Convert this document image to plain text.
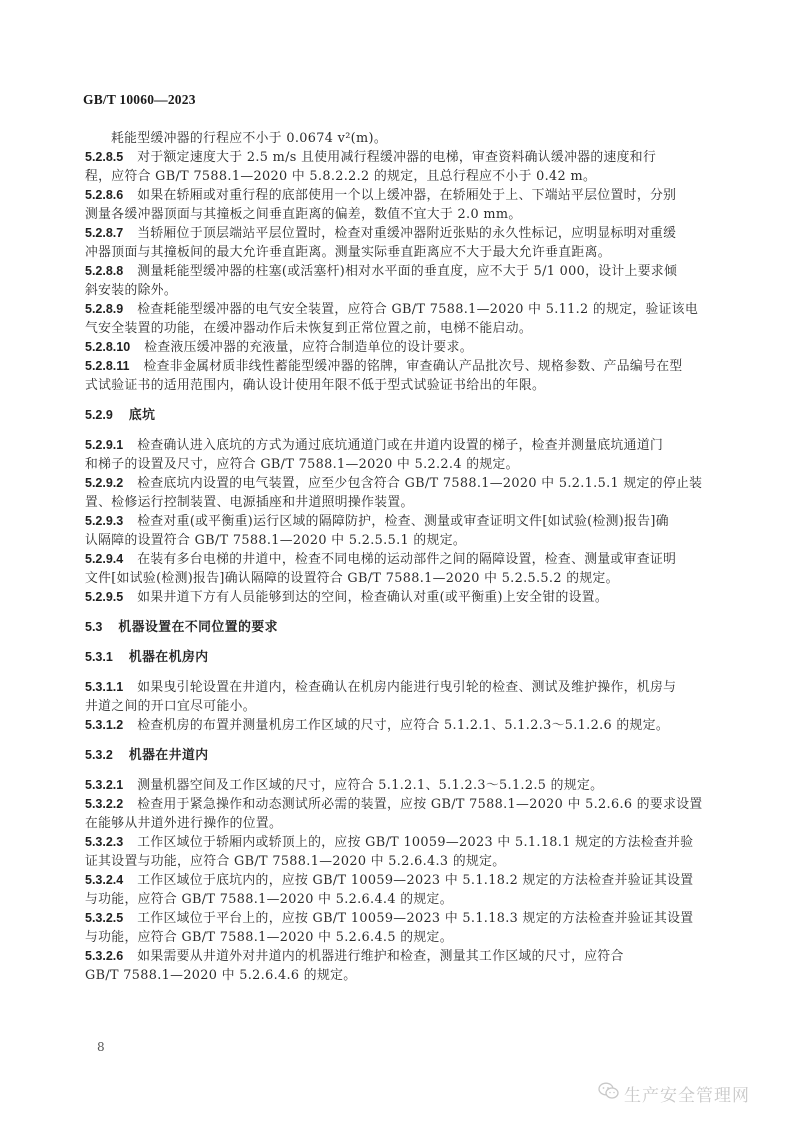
GB/T 10060—2023
耗能型缓冲器的行程应不小于 0.0674 v²(m)。
5.2.8.5 对于额定速度大于 2.5 m/s 且使用减行程缓冲器的电梯，审查资料确认缓冲器的速度和行
程，应符合 GB/T 7588.1—2020 中 5.8.2.2.2 的规定，且总行程应不小于 0.42 m。
5.2.8.6 如果在轿厢或对重行程的底部使用一个以上缓冲器，在轿厢处于上、下端站平层位置时，分别
测量各缓冲器顶面与其撞板之间垂直距离的偏差，数值不宜大于 2.0 mm。
5.2.8.7 当轿厢位于顶层端站平层位置时，检查对重缓冲器附近张贴的永久性标记，应明显标明对重缓
冲器顶面与其撞板间的最大允许垂直距离。测量实际垂直距离应不大于最大允许垂直距离。
5.2.8.8 测量耗能型缓冲器的柱塞(或活塞杆)相对水平面的垂直度，应不大于 5/1 000，设计上要求倾
斜安装的除外。
5.2.8.9 检查耗能型缓冲器的电气安全装置，应符合 GB/T 7588.1—2020 中 5.11.2 的规定，验证该电
气安全装置的功能，在缓冲器动作后未恢复到正常位置之前，电梯不能启动。
5.2.8.10 检查液压缓冲器的充液量，应符合制造单位的设计要求。
5.2.8.11 检查非金属材质非线性蓄能型缓冲器的铭牌，审查确认产品批次号、规格参数、产品编号在型
式试验证书的适用范围内，确认设计使用年限不低于型式试验证书给出的年限。
5.2.9 底坑
5.2.9.1 检查确认进入底坑的方式为通过底坑通道门或在井道内设置的梯子，检查并测量底坑通道门
和梯子的设置及尺寸，应符合 GB/T 7588.1—2020 中 5.2.2.4 的规定。
5.2.9.2 检查底坑内设置的电气装置，应至少包含符合 GB/T 7588.1—2020 中 5.2.1.5.1 规定的停止装
置、检修运行控制装置、电源插座和井道照明操作装置。
5.2.9.3 检查对重(或平衡重)运行区域的隔障防护，检查、测量或审查证明文件[如试验(检测)报告]确
认隔障的设置符合 GB/T 7588.1—2020 中 5.2.5.5.1 的规定。
5.2.9.4 在装有多台电梯的井道中，检查不同电梯的运动部件之间的隔障设置，检查、测量或审查证明
文件[如试验(检测)报告]确认隔障的设置符合 GB/T 7588.1—2020 中 5.2.5.5.2 的规定。
5.2.9.5 如果井道下方有人员能够到达的空间，检查确认对重(或平衡重)上安全钳的设置。
5.3 机器设置在不同位置的要求
5.3.1 机器在机房内
5.3.1.1 如果曳引轮设置在井道内，检查确认在机房内能进行曳引轮的检查、测试及维护操作，机房与
井道之间的开口宜尽可能小。
5.3.1.2 检查机房的布置并测量机房工作区域的尺寸，应符合 5.1.2.1、5.1.2.3～5.1.2.6 的规定。
5.3.2 机器在井道内
5.3.2.1 测量机器空间及工作区域的尺寸，应符合 5.1.2.1、5.1.2.3～5.1.2.5 的规定。
5.3.2.2 检查用于紧急操作和动态测试所必需的装置，应按 GB/T 7588.1—2020 中 5.2.6.6 的要求设置
在能够从井道外进行操作的位置。
5.3.2.3 工作区域位于轿厢内或轿顶上的，应按 GB/T 10059—2023 中 5.1.18.1 规定的方法检查并验
证其设置与功能，应符合 GB/T 7588.1—2020 中 5.2.6.4.3 的规定。
5.3.2.4 工作区域位于底坑内的，应按 GB/T 10059—2023 中 5.1.18.2 规定的方法检查并验证其设置
与功能，应符合 GB/T 7588.1—2020 中 5.2.6.4.4 的规定。
5.3.2.5 工作区域位于平台上的，应按 GB/T 10059—2023 中 5.1.18.3 规定的方法检查并验证其设置
与功能，应符合 GB/T 7588.1—2020 中 5.2.6.4.5 的规定。
5.3.2.6 如果需要从井道外对井道内的机器进行维护和检查，测量其工作区域的尺寸，应符合
GB/T 7588.1—2020 中 5.2.6.4.6 的规定。
8
生产安全管理网
